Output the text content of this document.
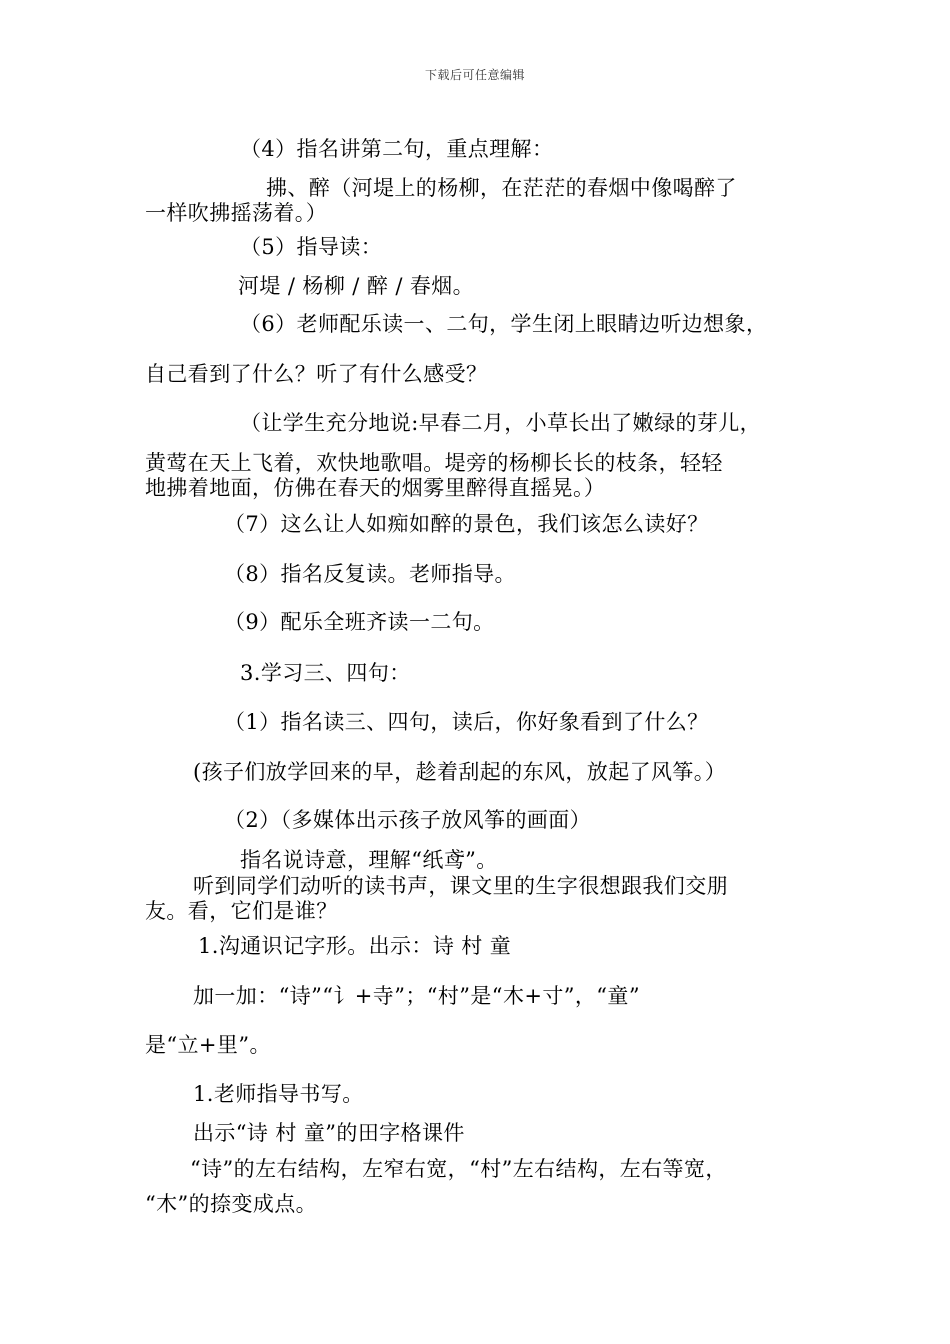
下载后可任意编辑
（4）指名讲第二句，重点理解：
拂、醉（河堤上的杨柳，在茫茫的春烟中像喝醉了
一样吹拂摇荡着。）
（5）指导读：
河堤 / 杨柳 / 醉 / 春烟。
（6）老师配乐读一、二句，学生闭上眼睛边听边想象，
自己看到了什么？听了有什么感受？
（让学生充分地说:早春二月，小草长出了嫩绿的芽儿，
黄莺在天上飞着，欢快地歌唱。堤旁的杨柳长长的枝条，轻轻
地拂着地面，仿佛在春天的烟雾里醉得直摇晃。）
（7）这么让人如痴如醉的景色，我们该怎么读好？
（8）指名反复读。老师指导。
（9）配乐全班齐读一二句。
3.学习三、四句：
（1）指名读三、四句，读后，你好象看到了什么？
(孩子们放学回来的早，趁着刮起的东风，放起了风筝。）
（2）（多媒体出示孩子放风筝的画面）
指名说诗意，理解“纸鸢”。
听到同学们动听的读书声，课文里的生字很想跟我们交朋
友。看，它们是谁？
1.沟通识记字形。出示：诗 村 童
加一加：“诗”“讠+寺”；“村”是“木+寸”，“童”
是“立+里”。
1.老师指导书写。
出示“诗 村 童”的田字格课件
“诗”的左右结构，左窄右宽，“村”左右结构，左右等宽，
“木”的捺变成点。
